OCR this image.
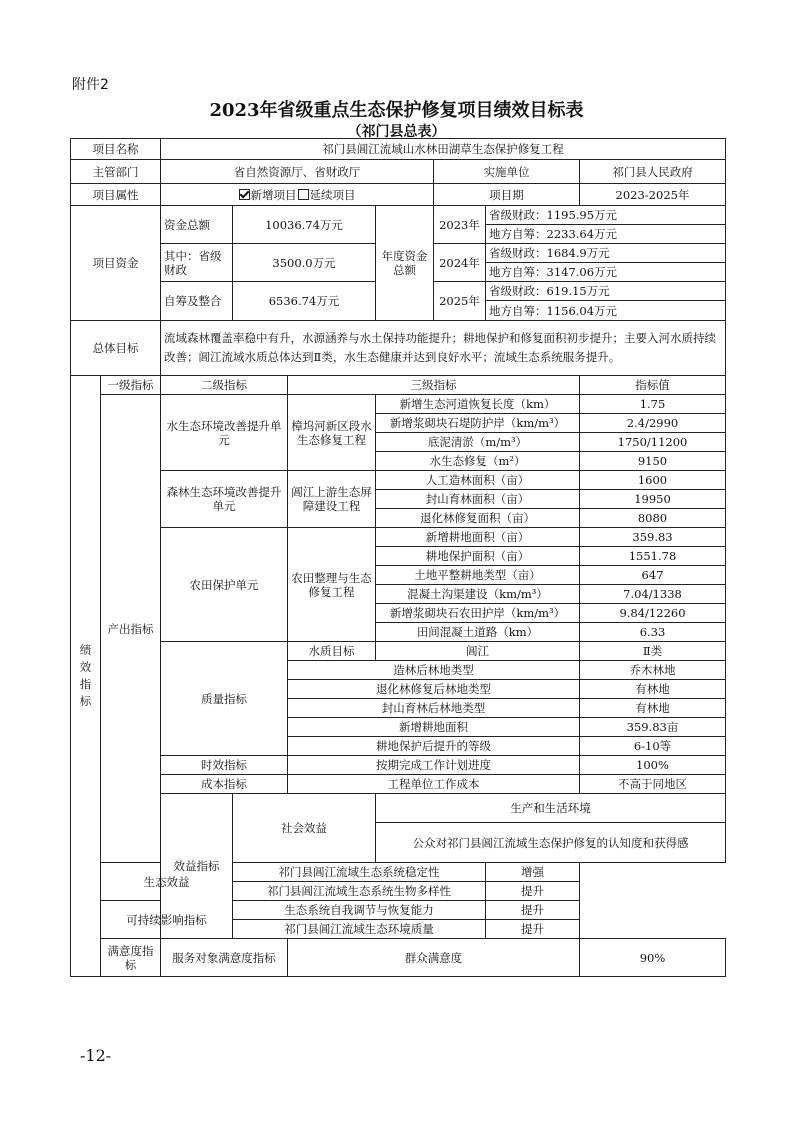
附件2
2023年省级重点生态保护修复项目绩效目标表
（祁门县总表）
项目名称		祁门县阊江流域山水林田湖草生态保护修复工程							
主管部门		省自然资源厅、省财政厅				实施单位		祁门县人民政府	
项目属性		新增项目 延续项目				项目期		2023-2025年	
项目资金		资金总额	10036.74万元		年度资金总额	2023年	省级财政：1195.95万元		
							地方自筹：2233.64万元		
		其中：省级财政	3500.0万元			2024年	省级财政：1684.9万元		
							地方自筹：3147.06万元		
		自筹及整合	6536.74万元			2025年	省级财政：619.15万元		
							地方自筹：1156.04万元		
总体目标		流域森林覆盖率稳中有升，水源涵养与水土保持功能提升；耕地保护和修复面积初步提升；主要入河水质持续改善；阊江流域水质总体达到Ⅱ类，水生态健康并达到良好水平；流域生态系统服务提升。							
绩效指标	一级指标	二级指标		三级指标				指标值	
	产出指标	水生态环境改善提升单元		樟坞河新区段水生态修复工程	新增生态河道恢复长度（km）			1.75	
					新增浆砌块石堤防护岸（km/m³）			2.4/2990	
					底泥清淤（m/m³）			1750/11200	
					水生态修复（m²）			9150	
		森林生态环境改善提升单元		阊江上游生态屏障建设工程	人工造林面积（亩）			1600	
					封山育林面积（亩）			19950	
					退化林修复面积（亩）			8080	
		农田保护单元		农田整理与生态修复工程	新增耕地面积（亩）			359.83	
					耕地保护面积（亩）			1551.78	
					土地平整耕地类型（亩）			647	
					混凝土沟渠建设（km/m³）			7.04/1338	
					新增浆砌块石农田护岸（km/m³）			9.84/12260	
					田间混凝土道路（km）			6.33	
		质量指标		水质目标	阊江			Ⅱ类	
				造林后林地类型				乔木林地	
				退化林修复后林地类型				有林地	
				封山育林后林地类型				有林地	
				新增耕地面积				359.83亩	
				耕地保护后提升的等级				6-10等	
		时效指标		按期完成工作计划进度				100%	
		成本指标		工程单位工作成本				不高于同地区	
		效益指标	社会效益		生产和生活环境	
					公众对祁门县阊江流域生态保护修复的认知度和获得感	
	生态效益		祁门县阊江流域生态系统稳定性				增强		
			祁门县阊江流域生态系统生物多样性				提升		
	可持续影响指标		生态系统自我调节与恢复能力				提升		
			祁门县阊江流域生态环境质量				提升		
	满意度指标	服务对象满意度指标		群众满意度				90%	
-12-
